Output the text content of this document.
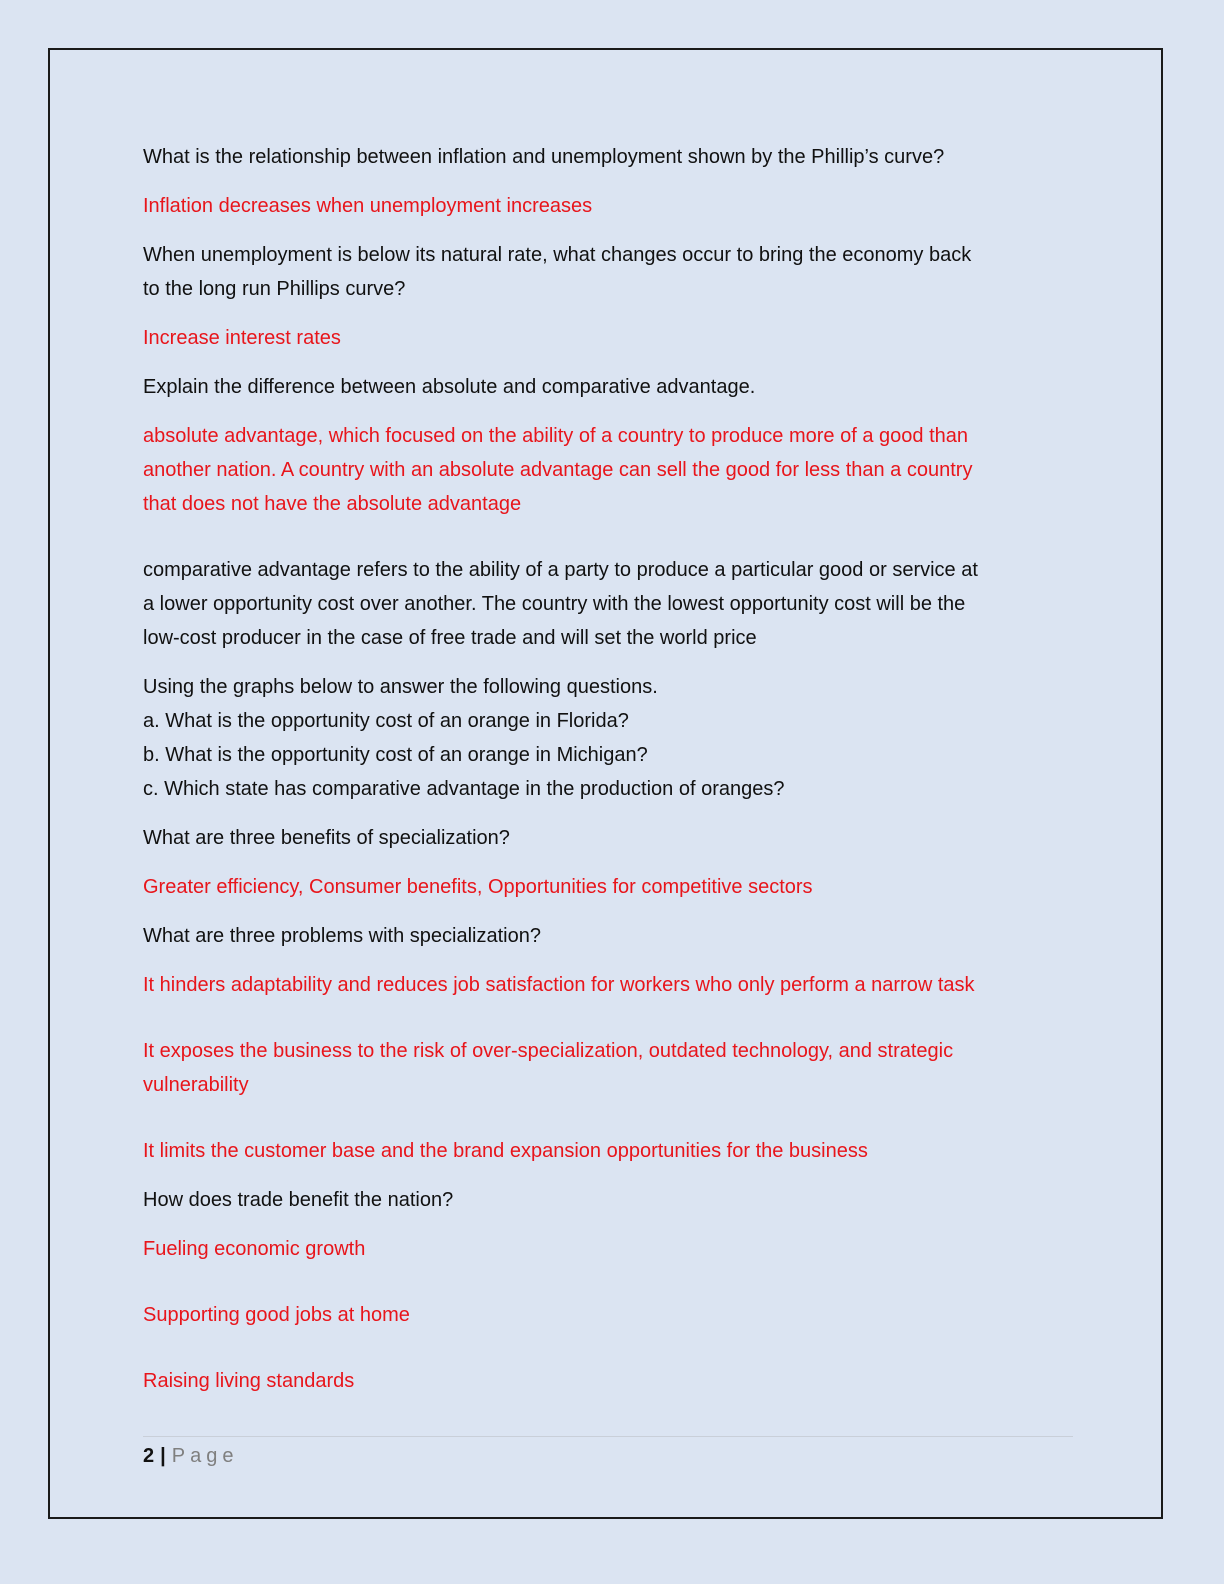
What is the relationship between inflation and unemployment shown by the Phillip’s curve?
Inflation decreases when unemployment increases
When unemployment is below its natural rate, what changes occur to bring the economy back
to the long run Phillips curve?
Increase interest rates
Explain the difference between absolute and comparative advantage.
absolute advantage, which focused on the ability of a country to produce more of a good than
another nation. A country with an absolute advantage can sell the good for less than a country
that does not have the absolute advantage
comparative advantage refers to the ability of a party to produce a particular good or service at
a lower opportunity cost over another. The country with the lowest opportunity cost will be the
low-cost producer in the case of free trade and will set the world price
Using the graphs below to answer the following questions.
a. What is the opportunity cost of an orange in Florida?
b. What is the opportunity cost of an orange in Michigan?
c. Which state has comparative advantage in the production of oranges?
What are three benefits of specialization?
Greater efficiency, Consumer benefits, Opportunities for competitive sectors
What are three problems with specialization?
It hinders adaptability and reduces job satisfaction for workers who only perform a narrow task
It exposes the business to the risk of over-specialization, outdated technology, and strategic
vulnerability
It limits the customer base and the brand expansion opportunities for the business
How does trade benefit the nation?
Fueling economic growth
Supporting good jobs at home
Raising living standards
2 | Page
